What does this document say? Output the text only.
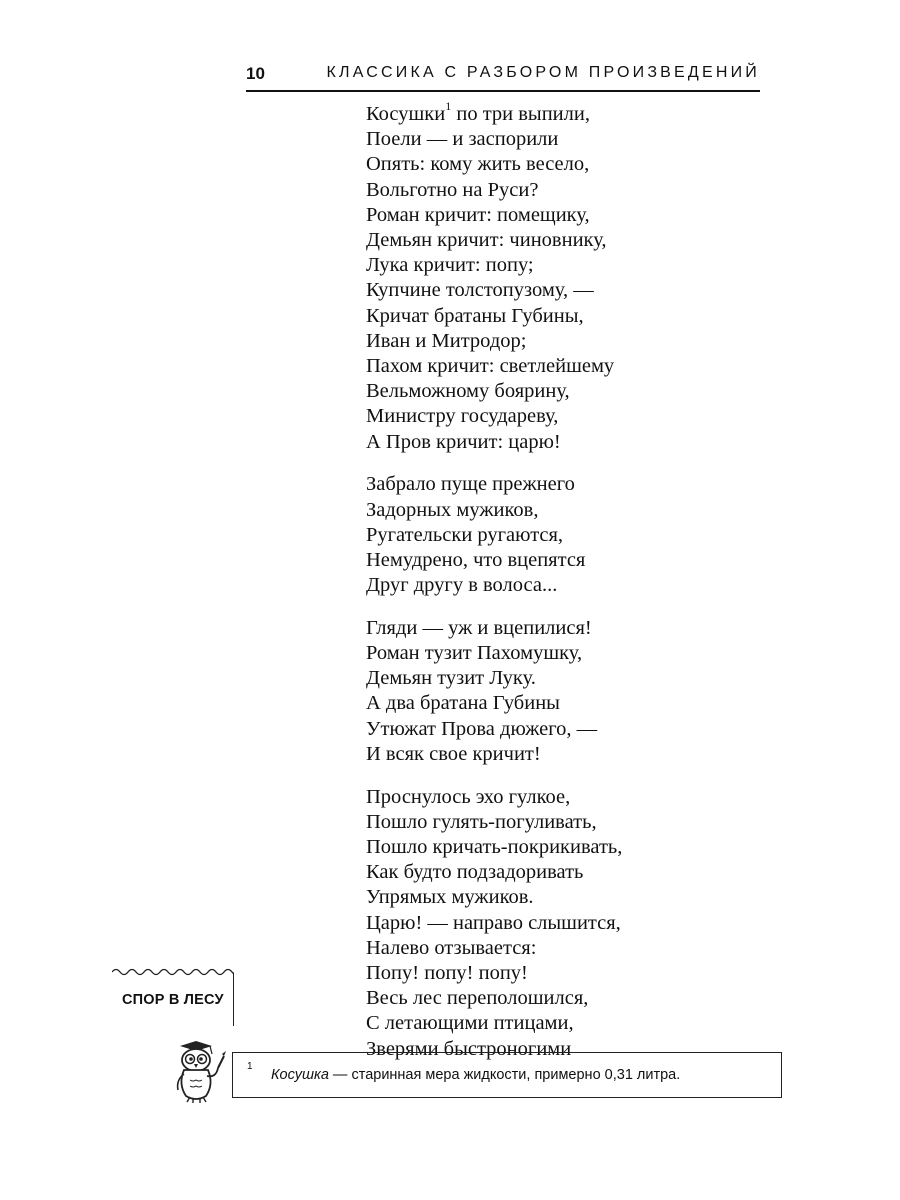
10	КЛАССИКА С РАЗБОРОМ ПРОИЗВЕДЕНИЙ
Косушки$^1$ по три выпили,
Поели — и заспорили
Опять: кому жить весело,
Вольготно на Руси?
Роман кричит: помещику,
Демьян кричит: чиновнику,
Лука кричит: попу;
Купчине толстопузому, —
Кричат братаны Губины,
Иван и Митродор;
Пахом кричит: светлейшему
Вельможному боярину,
Министру государеву,
А Пров кричит: царю!
Забрало пуще прежнего
Задорных мужиков,
Ругательски ругаются,
Немудрено, что вцепятся
Друг другу в волоса...
Гляди — уж и вцепилися!
Роман тузит Пахомушку,
Демьян тузит Луку.
А два братана Губины
Утюжат Прова дюжего, —
И всяк свое кричит!
Проснулось эхо гулкое,
Пошло гулять-погуливать,
Пошло кричать-покрикивать,
Как будто подзадоривать
Упрямых мужиков.
Царю! — направо слышится,
Налево отзывается:
Попу! попу! попу!
Весь лес переполошился,
С летающими птицами,
Зверями быстроногими
СПОР В ЛЕСУ
1
Косушка — старинная мера жидкости, примерно 0,31 литра.
